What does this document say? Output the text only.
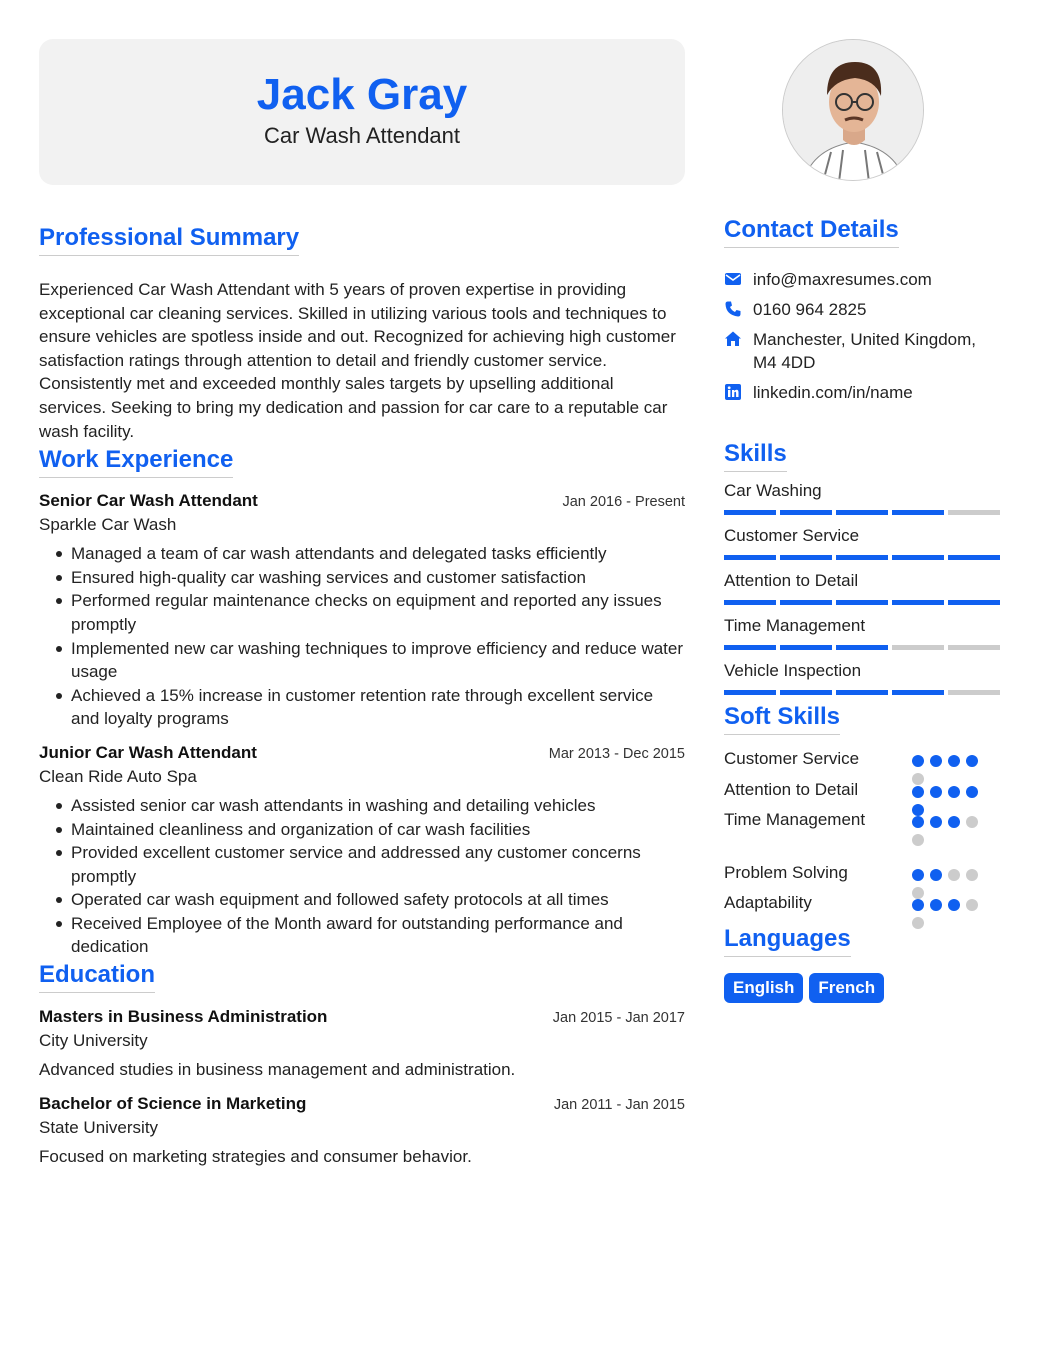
Jack Gray
Car Wash Attendant
Professional Summary

Experienced Car Wash Attendant with 5 years of proven expertise in providing exceptional car cleaning services. Skilled in utilizing various tools and techniques to ensure vehicles are spotless inside and out. Recognized for achieving high customer satisfaction ratings through attention to detail and friendly customer service. Consistently met and exceeded monthly sales targets by upselling additional services. Seeking to bring my dedication and passion for car care to a reputable car wash facility.

Work Experience
Senior Car Wash Attendant	Jan 2016 - Present
Sparkle Car Wash
Managed a team of car wash attendants and delegated tasks efficiently
Ensured high-quality car washing services and customer satisfaction
Performed regular maintenance checks on equipment and reported any issues promptly
Implemented new car washing techniques to improve efficiency and reduce water usage
Achieved a 15% increase in customer retention rate through excellent service and loyalty programs
Junior Car Wash Attendant	Mar 2013 - Dec 2015
Clean Ride Auto Spa
Assisted senior car wash attendants in washing and detailing vehicles
Maintained cleanliness and organization of car wash facilities
Provided excellent customer service and addressed any customer concerns promptly
Operated car wash equipment and followed safety protocols at all times
Received Employee of the Month award for outstanding performance and dedication
Education
Masters in Business Administration	Jan 2015 - Jan 2017
City University
Advanced studies in business management and administration.
Bachelor of Science in Marketing	Jan 2011 - Jan 2015
State University
Focused on marketing strategies and consumer behavior.
Contact Details
info@maxresumes.com
0160 964 2825
Manchester, United Kingdom, M4 4DD
linkedin.com/in/name
Skills
Car Washing
Customer Service
Attention to Detail
Time Management
Vehicle Inspection
Soft Skills
Customer Service
Attention to Detail
Time Management
Problem Solving
Adaptability
Languages
English	French
